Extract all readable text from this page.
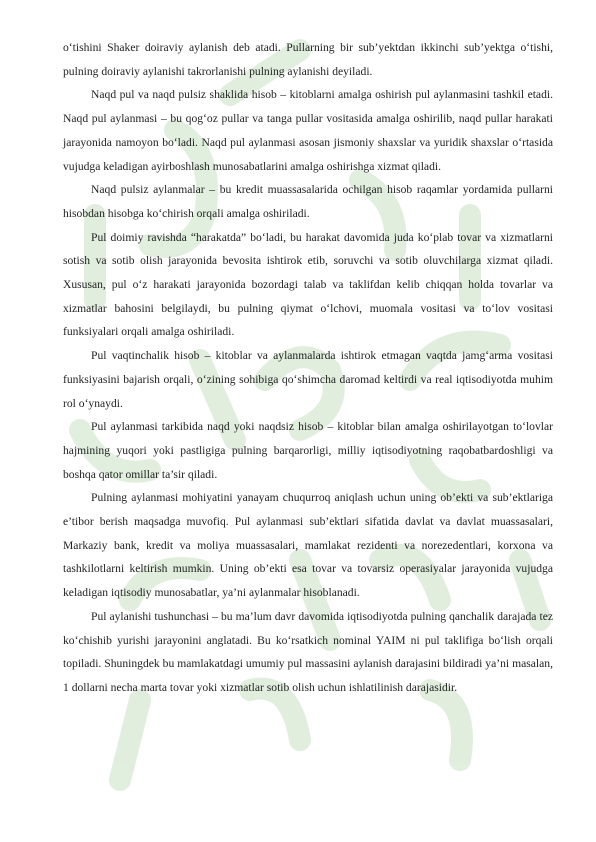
o‘tishini Shaker doiraviy aylanish deb atadi. Pullarning bir sub’yektdan ikkinchi sub’yektga o‘tishi, pulning doiraviy aylanishi takrorlanishi pulning aylanishi deyiladi.

Naqd pul va naqd pulsiz shaklida hisob – kitoblarni amalga oshirish pul aylanmasini tashkil etadi. Naqd pul aylanmasi – bu qog‘oz pullar va tanga pullar vositasida amalga oshirilib, naqd pullar harakati jarayonida namoyon bo‘ladi. Naqd pul aylanmasi asosan jismoniy shaxslar va yuridik shaxslar o‘rtasida vujudga keladigan ayirboshlash munosabatlarini amalga oshirishga xizmat qiladi.

Naqd pulsiz aylanmalar – bu kredit muassasalarida ochilgan hisob raqamlar yordamida pullarni hisobdan hisobga ko‘chirish orqali amalga oshiriladi.

Pul doimiy ravishda “harakatda” bo‘ladi, bu harakat davomida juda ko‘plab tovar va xizmatlarni sotish va sotib olish jarayonida bevosita ishtirok etib, soruvchi va sotib oluvchilarga xizmat qiladi. Xususan, pul o‘z harakati jarayonida bozordagi talab va taklifdan kelib chiqqan holda tovarlar va xizmatlar bahosini belgilaydi, bu pulning qiymat o‘lchovi, muomala vositasi va to‘lov vositasi funksiyalari orqali amalga oshiriladi.

Pul vaqtinchalik hisob – kitoblar va aylanmalarda ishtirok etmagan vaqtda jamg‘arma vositasi funksiyasini bajarish orqali, o‘zining sohibiga qo‘shimcha daromad keltirdi va real iqtisodiyotda muhim rol o‘ynaydi.

Pul aylanmasi tarkibida naqd yoki naqdsiz hisob – kitoblar bilan amalga oshirilayotgan to‘lovlar hajmining yuqori yoki pastligiga pulning barqarorligi, milliy iqtisodiyotning raqobatbardoshligi va boshqa qator omillar ta’sir qiladi.

Pulning aylanmasi mohiyatini yanayam chuqurroq aniqlash uchun uning ob’ekti va sub’ektlariga e’tibor berish maqsadga muvofiq. Pul aylanmasi sub’ektlari sifatida davlat va davlat muassasalari, Markaziy bank, kredit va moliya muassasalari, mamlakat rezidenti va norezedentlari, korxona va tashkilotlarni keltirish mumkin. Uning ob’ekti esa tovar va tovarsiz operasiyalar jarayonida vujudga keladigan iqtisodiy munosabatlar, ya’ni aylanmalar hisoblanadi.

Pul aylanishi tushunchasi – bu ma’lum davr davomida iqtisodiyotda pulning qanchalik darajada tez ko‘chishib yurishi jarayonini anglatadi. Bu ko‘rsatkich nominal YAIM ni pul taklifiga bo‘lish orqali topiladi. Shuningdek bu mamlakatdagi umumiy pul massasini aylanish darajasini bildiradi ya’ni masalan, 1 dollarni necha marta tovar yoki xizmatlar sotib olish uchun ishlatilinish darajasidir.
